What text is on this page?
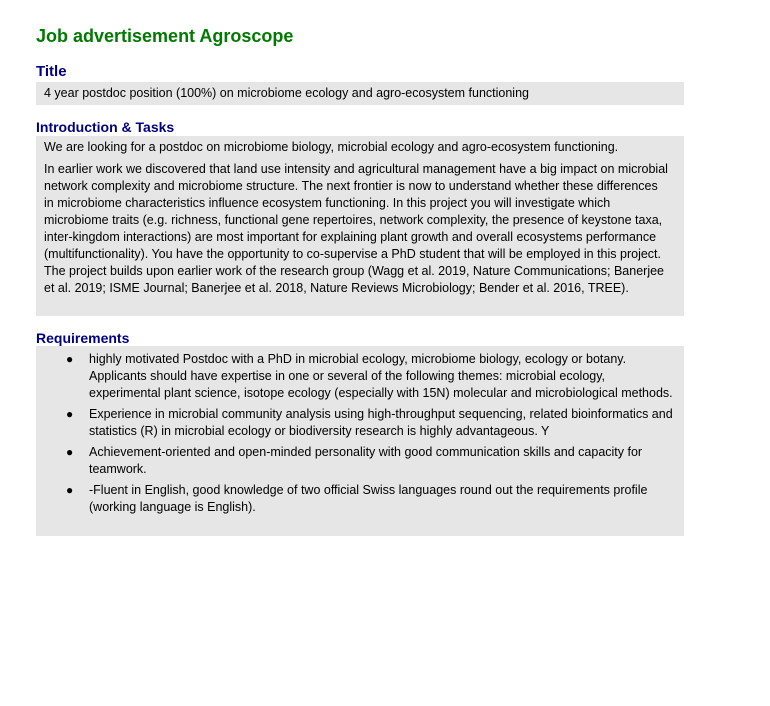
Job advertisement Agroscope
Title
4 year postdoc position (100%) on microbiome ecology and agro-ecosystem functioning
Introduction & Tasks

We are looking for a postdoc on microbiome biology, microbial ecology and agro-ecosystem functioning.

In earlier work we discovered that land use intensity and agricultural management have a big impact on microbial network complexity and microbiome structure. The next frontier is now to understand whether these differences in microbiome characteristics influence ecosystem functioning. In this project you will investigate which microbiome traits (e.g. richness, functional gene repertoires, network complexity, the presence of keystone taxa, inter-kingdom interactions) are most important for explaining plant growth and overall ecosystems performance (multifunctionality). You have the opportunity to co-supervise a PhD student that will be employed in this project. The project builds upon earlier work of the research group (Wagg et al. 2019, Nature Communications; Banerjee et al. 2019; ISME Journal; Banerjee et al. 2018, Nature Reviews Microbiology; Bender et al. 2016, TREE).

Requirements
● highly motivated Postdoc with a PhD in microbial ecology, microbiome biology, ecology or botany. Applicants should have expertise in one or several of the following themes: microbial ecology, experimental plant science, isotope ecology (especially with 15N) molecular and microbiological methods.
● Experience in microbial community analysis using high-throughput sequencing, related bioinformatics and statistics (R) in microbial ecology or biodiversity research is highly advantageous. Y
● Achievement-oriented and open-minded personality with good communication skills and capacity for teamwork.
● -Fluent in English, good knowledge of two official Swiss languages round out the requirements profile (working language is English).
